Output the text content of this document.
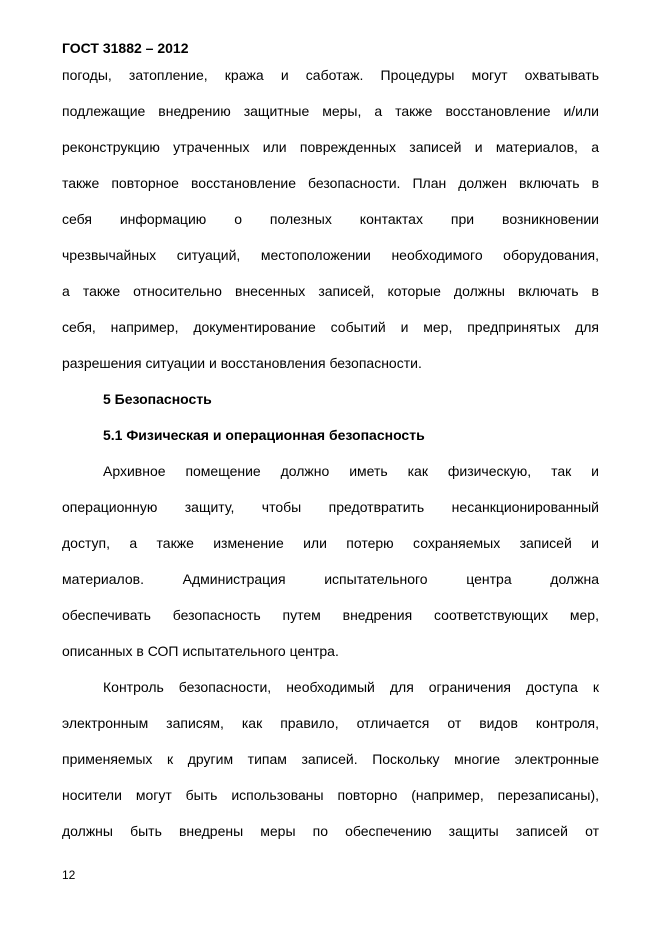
ГОСТ 31882 – 2012
погоды, затопление, кража и саботаж. Процедуры могут охватывать
подлежащие внедрению защитные меры, а также восстановление и/или
реконструкцию утраченных или поврежденных записей и материалов, а
также повторное восстановление безопасности. План должен включать в
себя информацию о полезных контактах при возникновении
чрезвычайных ситуаций, местоположении необходимого оборудования,
а также относительно внесенных записей, которые должны включать в
себя, например, документирование событий и мер, предпринятых для
разрешения ситуации и восстановления безопасности.
5 Безопасность
5.1 Физическая и операционная безопасность
Архивное помещение должно иметь как физическую, так и
операционную защиту, чтобы предотвратить несанкционированный
доступ, а также изменение или потерю сохраняемых записей и
материалов. Администрация испытательного центра должна
обеспечивать безопасность путем внедрения соответствующих мер,
описанных в СОП испытательного центра.
Контроль безопасности, необходимый для ограничения доступа к
электронным записям, как правило, отличается от видов контроля,
применяемых к другим типам записей. Поскольку многие электронные
носители могут быть использованы повторно (например, перезаписаны),
должны быть внедрены меры по обеспечению защиты записей от
12
